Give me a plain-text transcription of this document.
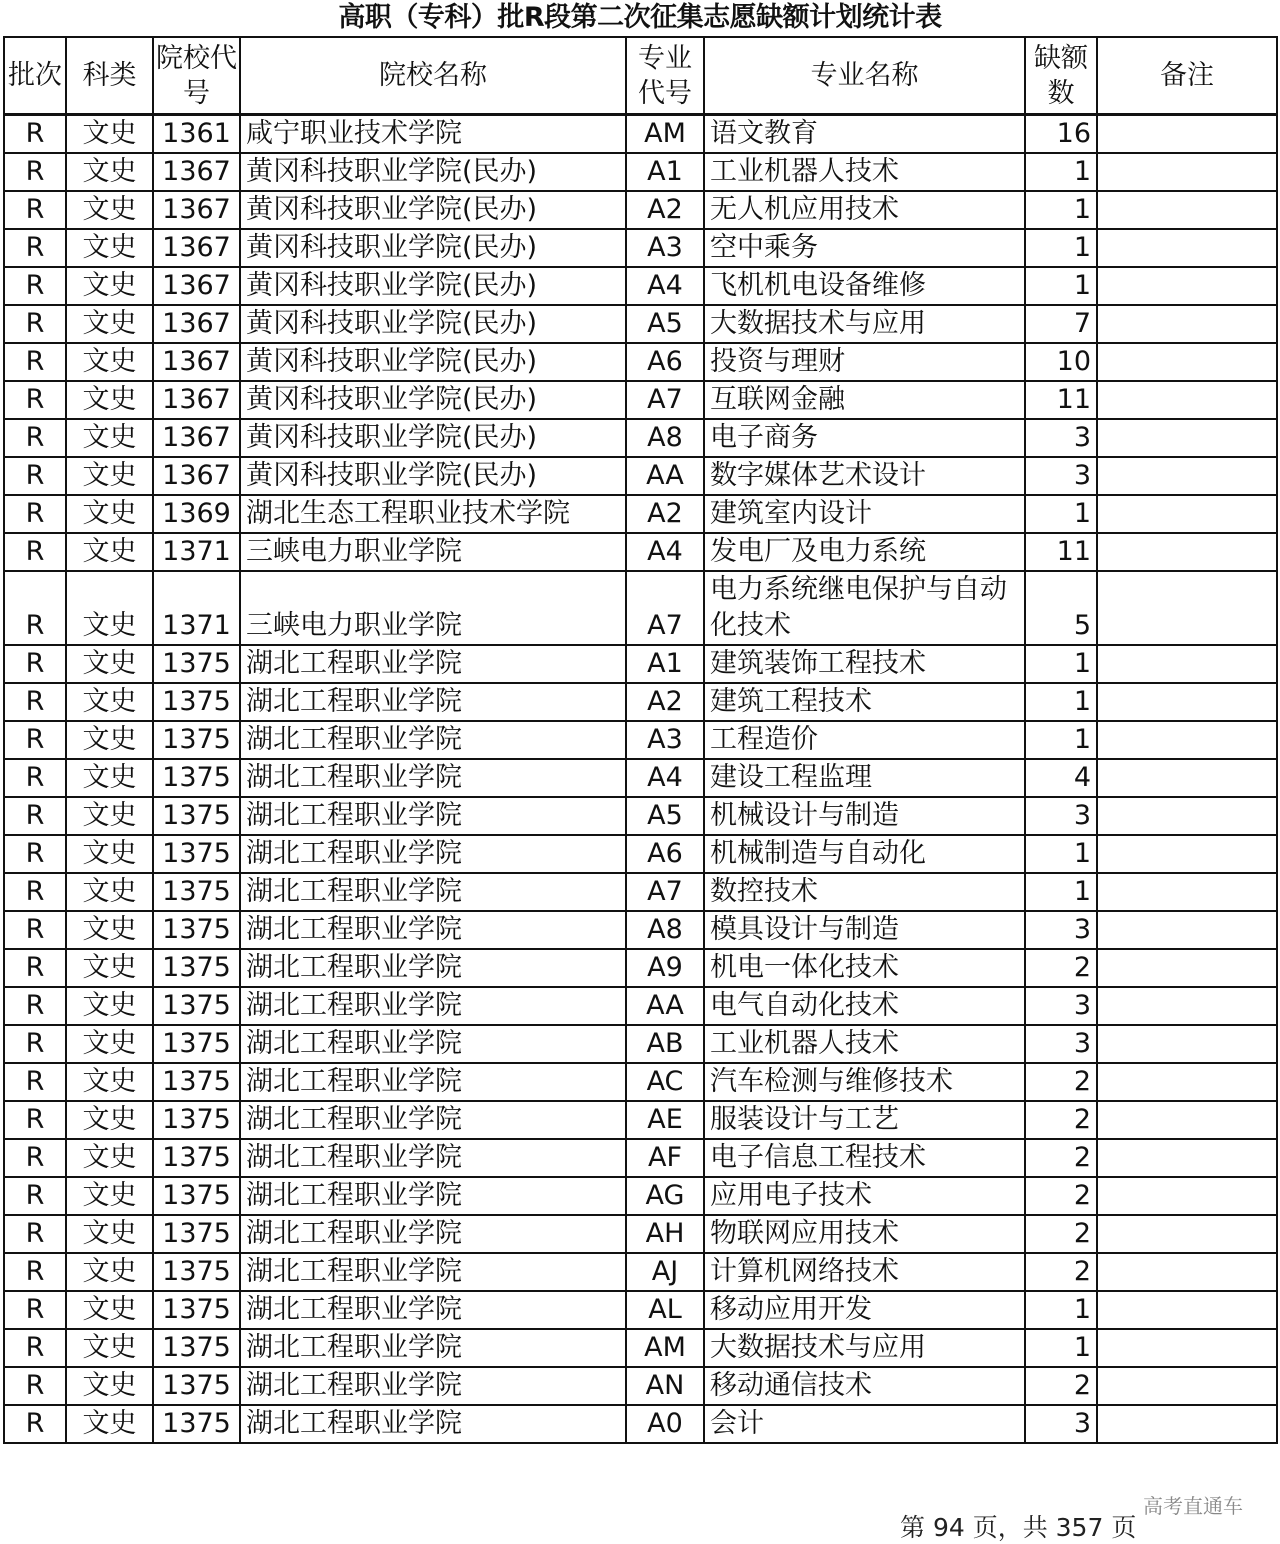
高职（专科）批R段第二次征集志愿缺额计划统计表
批次	科类	院校代号	院校名称	专业代号	专业名称	缺额数	备注
R	文史	1361	咸宁职业技术学院	AM	语文教育	16	
R	文史	1367	黄冈科技职业学院(民办)	A1	工业机器人技术	1	
R	文史	1367	黄冈科技职业学院(民办)	A2	无人机应用技术	1	
R	文史	1367	黄冈科技职业学院(民办)	A3	空中乘务	1	
R	文史	1367	黄冈科技职业学院(民办)	A4	飞机机电设备维修	1	
R	文史	1367	黄冈科技职业学院(民办)	A5	大数据技术与应用	7	
R	文史	1367	黄冈科技职业学院(民办)	A6	投资与理财	10	
R	文史	1367	黄冈科技职业学院(民办)	A7	互联网金融	11	
R	文史	1367	黄冈科技职业学院(民办)	A8	电子商务	3	
R	文史	1367	黄冈科技职业学院(民办)	AA	数字媒体艺术设计	3	
R	文史	1369	湖北生态工程职业技术学院	A2	建筑室内设计	1	
R	文史	1371	三峡电力职业学院	A4	发电厂及电力系统	11	
R	文史	1371	三峡电力职业学院	A7	电力系统继电保护与自动化技术	5	
R	文史	1375	湖北工程职业学院	A1	建筑装饰工程技术	1	
R	文史	1375	湖北工程职业学院	A2	建筑工程技术	1	
R	文史	1375	湖北工程职业学院	A3	工程造价	1	
R	文史	1375	湖北工程职业学院	A4	建设工程监理	4	
R	文史	1375	湖北工程职业学院	A5	机械设计与制造	3	
R	文史	1375	湖北工程职业学院	A6	机械制造与自动化	1	
R	文史	1375	湖北工程职业学院	A7	数控技术	1	
R	文史	1375	湖北工程职业学院	A8	模具设计与制造	3	
R	文史	1375	湖北工程职业学院	A9	机电一体化技术	2	
R	文史	1375	湖北工程职业学院	AA	电气自动化技术	3	
R	文史	1375	湖北工程职业学院	AB	工业机器人技术	3	
R	文史	1375	湖北工程职业学院	AC	汽车检测与维修技术	2	
R	文史	1375	湖北工程职业学院	AE	服装设计与工艺	2	
R	文史	1375	湖北工程职业学院	AF	电子信息工程技术	2	
R	文史	1375	湖北工程职业学院	AG	应用电子技术	2	
R	文史	1375	湖北工程职业学院	AH	物联网应用技术	2	
R	文史	1375	湖北工程职业学院	AJ	计算机网络技术	2	
R	文史	1375	湖北工程职业学院	AL	移动应用开发	1	
R	文史	1375	湖北工程职业学院	AM	大数据技术与应用	1	
R	文史	1375	湖北工程职业学院	AN	移动通信技术	2	
R	文史	1375	湖北工程职业学院	A0	会计	3	
高考直通车
第 94 页，共 357 页
